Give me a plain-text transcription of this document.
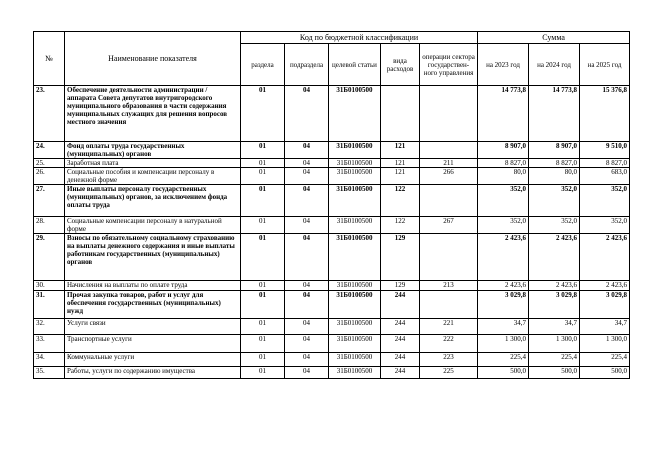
№	Наименование показателя	Код по бюджетной классификации					Сумма		
		раздела	подраздела	целевой статьи	вида расходов	операции сектора государствен-ного управления	на 2023 год	на 2024 год	на 2025 год
23.	Обеспечение деятельности администрации / аппарата Совета депутатов внутригородского муниципального образования в части содержания муниципальных служащих для решения вопросов местного значения	01	04	31Б0100500			14 773,8	14 773,8	15 376,8
24.	Фонд оплаты труда государственных (муниципальных) органов	01	04	31Б0100500	121		8 907,0	8 907,0	9 510,0
25.	Заработная плата	01	04	31Б0100500	121	211	8 827,0	8 827,0	8 827,0
26.	Социальные пособия и компенсации персоналу в денежной форме	01	04	31Б0100500	121	266	80,0	80,0	683,0
27.	Иные выплаты персоналу государственных (муниципальных) органов, за исключением фонда оплаты труда	01	04	31Б0100500	122		352,0	352,0	352,0
28.	Социальные компенсации персоналу в натуральной форме	01	04	31Б0100500	122	267	352,0	352,0	352,0
29.	Взносы по обязательному социальному страхованию на выплаты денежного содержания и иные выплаты работникам государственных (муниципальных) органов	01	04	31Б0100500	129		2 423,6	2 423,6	2 423,6
30.	Начисления на выплаты по оплате труда	01	04	31Б0100500	129	213	2 423,6	2 423,6	2 423,6
31.	Прочая закупка товаров, работ и услуг для обеспечения государственных (муниципальных) нужд	01	04	31Б0100500	244		3 029,8	3 029,8	3 029,8
32.	Услуги связи	01	04	31Б0100500	244	221	34,7	34,7	34,7
33.	Транспортные услуги	01	04	31Б0100500	244	222	1 300,0	1 300,0	1 300,0
34.	Коммунальные услуги	01	04	31Б0100500	244	223	225,4	225,4	225,4
35.	Работы, услуги по содержанию имущества	01	04	31Б0100500	244	225	500,0	500,0	500,0
